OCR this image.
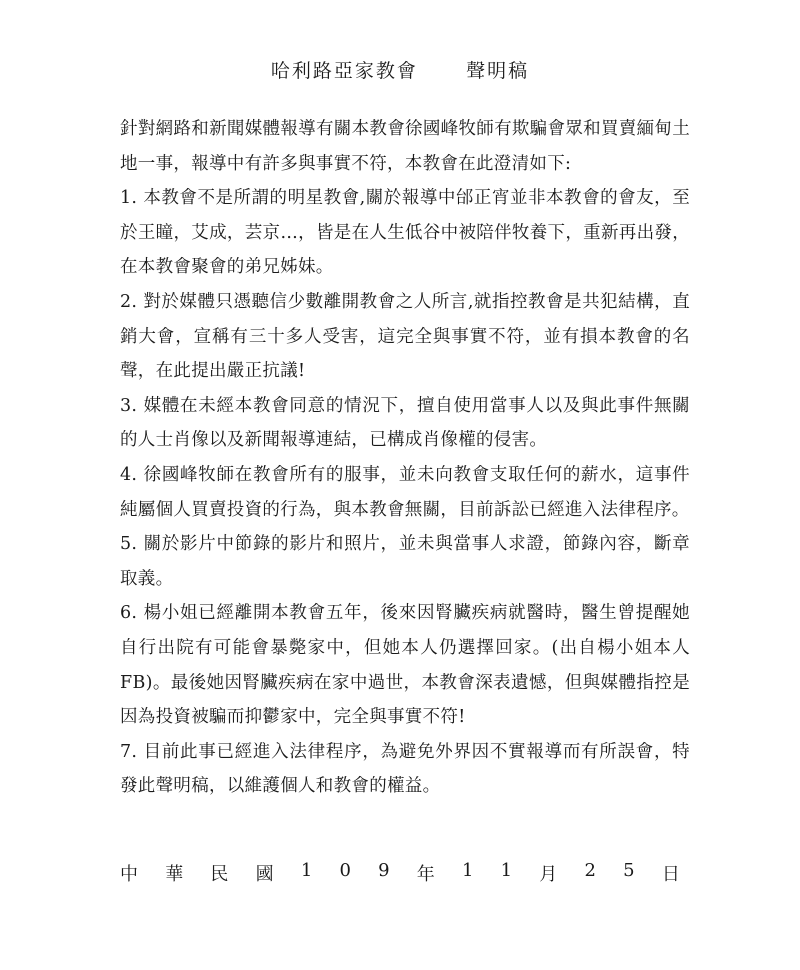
哈利路亞家教會      聲明稿

針對網路和新聞媒體報導有關本教會徐國峰牧師有欺騙會眾和買賣緬甸土地一事，報導中有許多與事實不符，本教會在此澄清如下:

1. 本教會不是所謂的明星教會,關於報導中邰正宵並非本教會的會友，至於王瞳，艾成，芸京…，皆是在人生低谷中被陪伴牧養下，重新再出發，在本教會聚會的弟兄姊妹。

2. 對於媒體只憑聽信少數離開教會之人所言,就指控教會是共犯結構，直銷大會，宣稱有三十多人受害，這完全與事實不符，並有損本教會的名聲，在此提出嚴正抗議!

3. 媒體在未經本教會同意的情況下，擅自使用當事人以及與此事件無關的人士肖像以及新聞報導連結，已構成肖像權的侵害。

4. 徐國峰牧師在教會所有的服事，並未向教會支取任何的薪水，這事件純屬個人買賣投資的行為，與本教會無關，目前訴訟已經進入法律程序。

5. 關於影片中節錄的影片和照片，並未與當事人求證，節錄內容，斷章取義。

6. 楊小姐已經離開本教會五年，後來因腎臟疾病就醫時，醫生曾提醒她自行出院有可能會暴斃家中，但她本人仍選擇回家。(出自楊小姐本人 FB)。最後她因腎臟疾病在家中過世，本教會深表遺憾，但與媒體指控是因為投資被騙而抑鬱家中，完全與事實不符!

7. 目前此事已經進入法律程序，為避免外界因不實報導而有所誤會，特發此聲明稿，以維護個人和教會的權益。

中 華 民 國 1 0 9 年 1 1 月 2 5 日
